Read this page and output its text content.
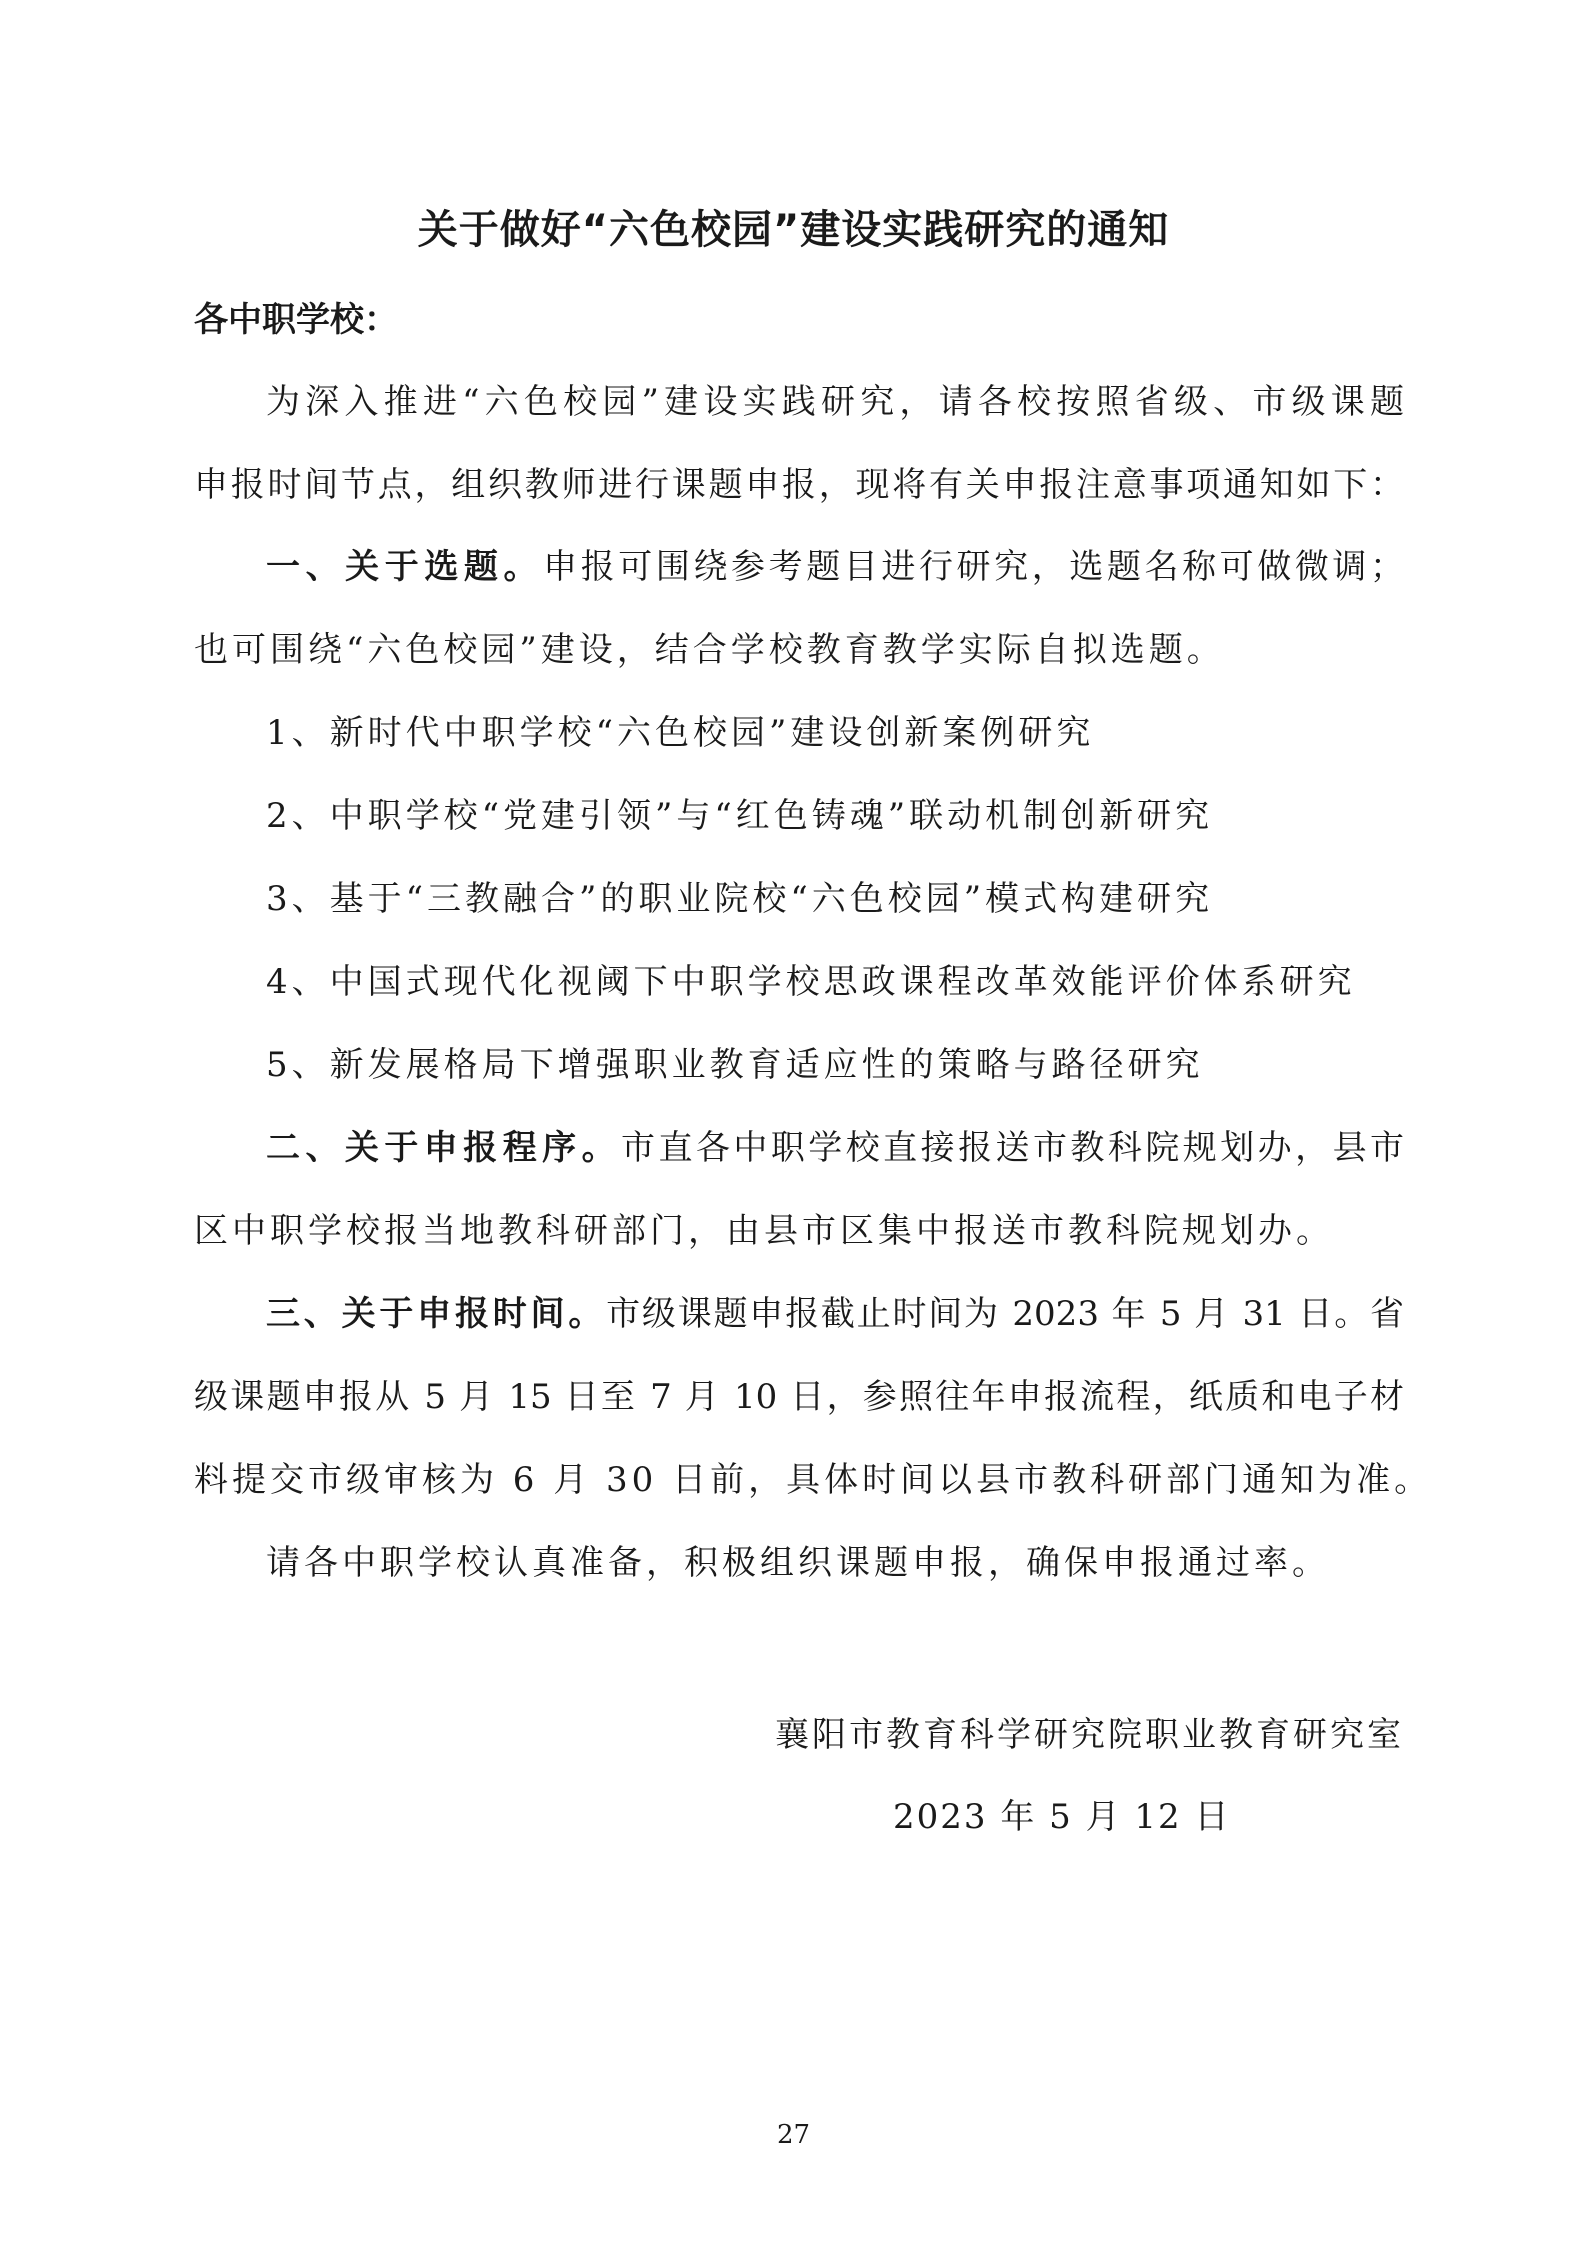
关于做好“六色校园”建设实践研究的通知
各中职学校：
为深入推进“六色校园”建设实践研究，请各校按照省级、市级课题
申报时间节点，组织教师进行课题申报，现将有关申报注意事项通知如下：
一、关于选题。申报可围绕参考题目进行研究，选题名称可做微调；
也可围绕“六色校园”建设，结合学校教育教学实际自拟选题。
1、新时代中职学校“六色校园”建设创新案例研究
2、中职学校“党建引领”与“红色铸魂”联动机制创新研究
3、基于“三教融合”的职业院校“六色校园”模式构建研究
4、中国式现代化视阈下中职学校思政课程改革效能评价体系研究
5、新发展格局下增强职业教育适应性的策略与路径研究
二、关于申报程序。市直各中职学校直接报送市教科院规划办，县市
区中职学校报当地教科研部门，由县市区集中报送市教科院规划办。
三、关于申报时间。市级课题申报截止时间为 2023 年 5 月 31 日。省
级课题申报从 5 月 15 日至 7 月 10 日，参照往年申报流程，纸质和电子材
料提交市级审核为 6 月 30 日前，具体时间以县市教科研部门通知为准。
请各中职学校认真准备，积极组织课题申报，确保申报通过率。
襄阳市教育科学研究院职业教育研究室
2023 年 5 月 12 日
27
